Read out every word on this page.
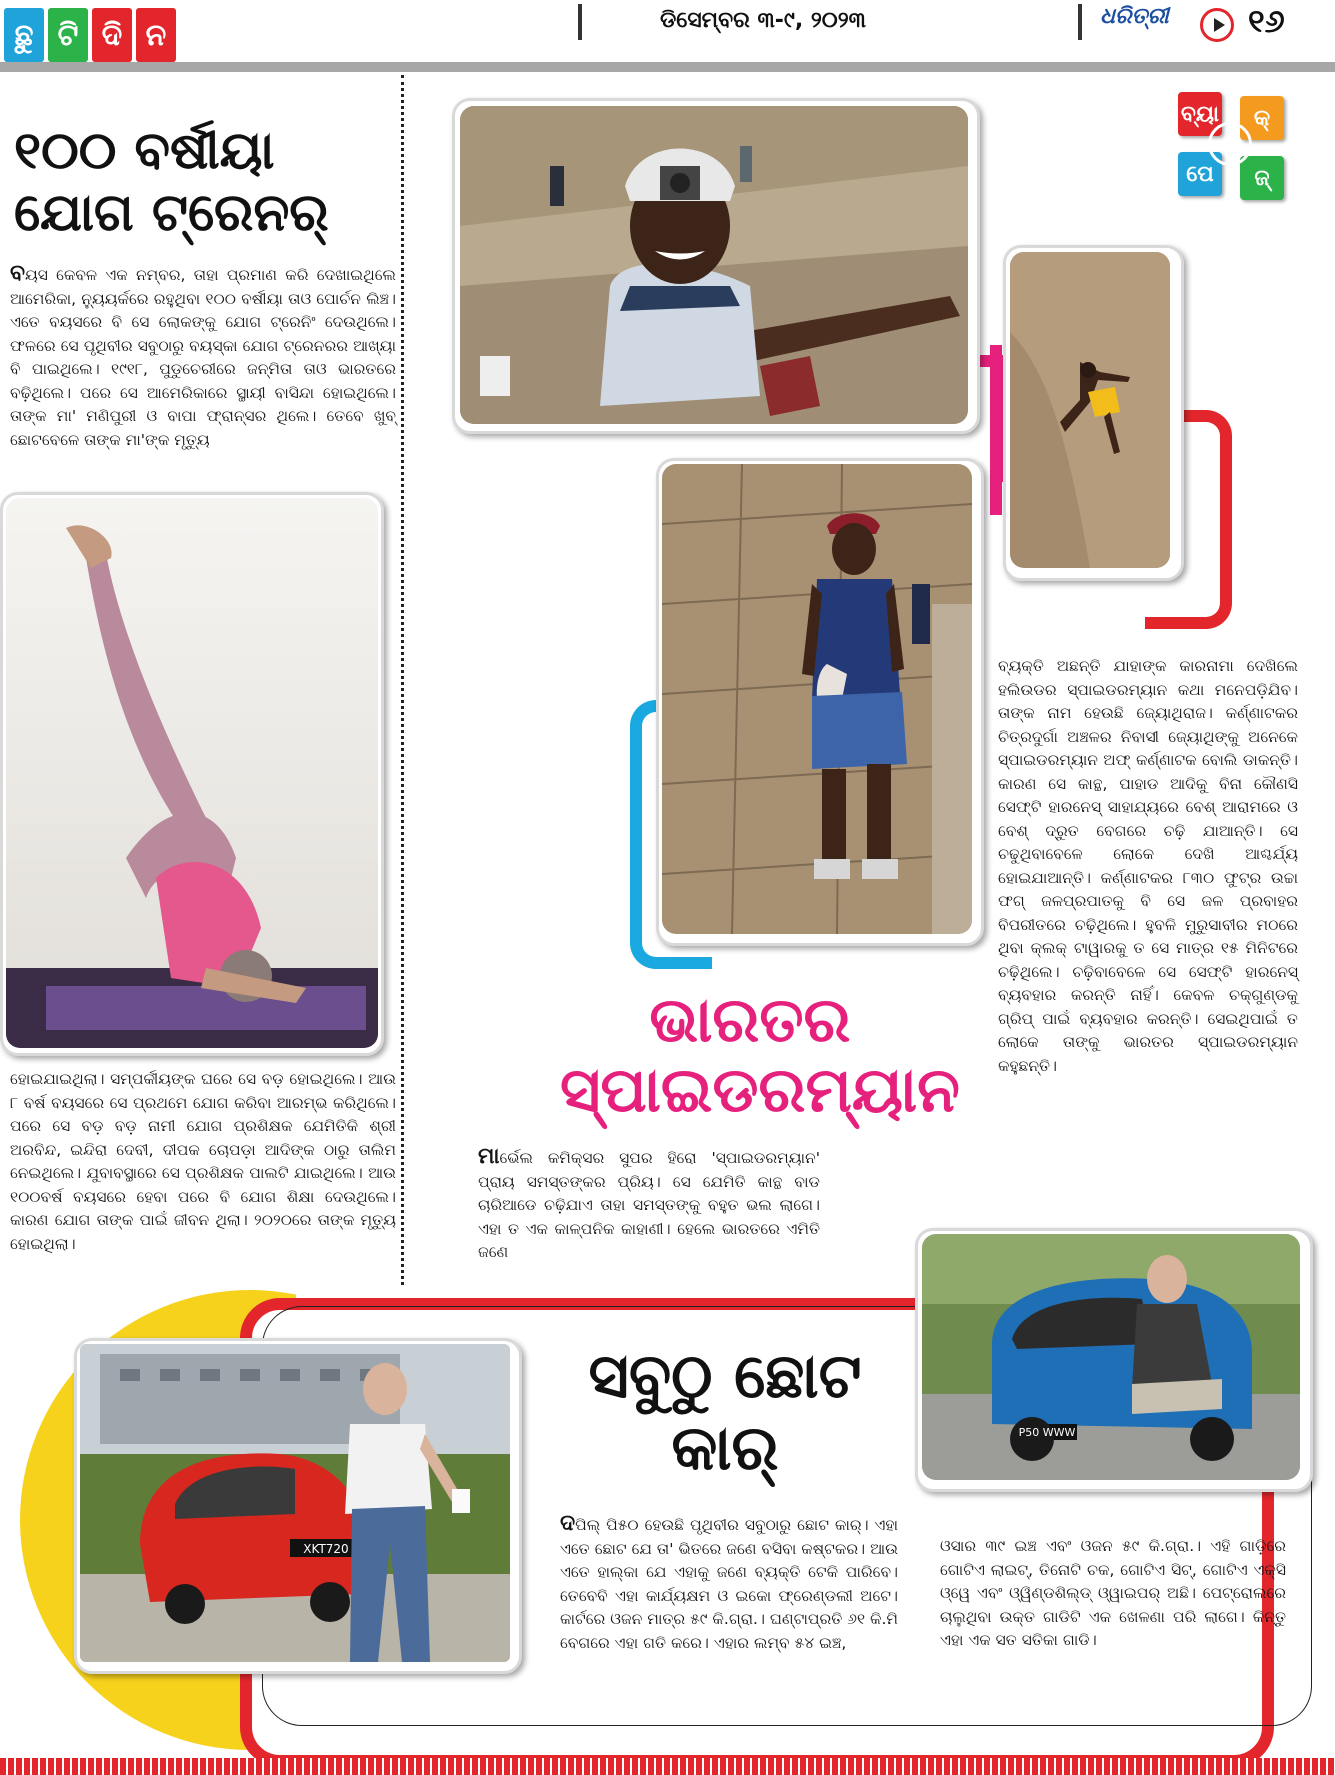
ଛୁ ଟି ଦି ନ	ଡିସେମ୍ବର ୩-୯, ୨୦୨୩	ଧରିତ୍ରୀ ୧୬
ବ୍ୟା	କ୍
ପେ	ଜ୍
୧୦୦ ବର୍ଷୀୟା
ଯୋଗ ଟ୍ରେନର୍
ବୟସ କେବଳ ଏକ ନମ୍ବର, ତାହା ପ୍ରମାଣ କରି ଦେଖାଇଥିଲେ ଆମେରିକା, ନ୍ୟୁୟର୍କରେ ରହୁଥିବା ୧୦୦ ବର୍ଷୀୟା ତାଓ ପୋର୍ଚନ ଲିଞ୍ଚ। ଏତେ ବୟସରେ ବି ସେ ଲୋକଙ୍କୁ ଯୋଗ ଟ୍ରେନିଂ ଦେଉଥିଲେ। ଫଳରେ ସେ ପୃଥିବୀର ସବୁଠାରୁ ବୟସ୍କା ଯୋଗ ଟ୍ରେନରର ଆଖ୍ୟା ବି ପାଇଥିଲେ। ୧୯୧୮, ପୁଡୁଚେରୀରେ ଜନ୍ମିତା ତାଓ ଭାରତରେ ବଢ଼ିଥିଲେ। ପରେ ସେ ଆମେରିକାରେ ସ୍ଥାୟୀ ବାସିନ୍ଦା ହୋଇଥିଲେ। ତାଙ୍କ ମା' ମଣିପୁରୀ ଓ ବାପା ଫ୍ରାନ୍ସର ଥିଲେ। ତେବେ ଖୁବ୍ ଛୋଟବେଳେ ତାଙ୍କ ମା'ଙ୍କ ମୃତ୍ୟୁ
ହୋଇଯାଇଥିଲା। ସମ୍ପର୍କୀୟଙ୍କ ଘରେ ସେ ବଡ଼ ହୋଇଥିଲେ। ଆଉ ୮ ବର୍ଷ ବୟସରେ ସେ ପ୍ରଥମେ ଯୋଗ କରିବା ଆରମ୍ଭ କରିଥିଲେ। ପରେ ସେ ବଡ଼ ବଡ଼ ନାମୀ ଯୋଗ ପ୍ରଶିକ୍ଷକ ଯେମିତିକି ଶ୍ରୀ ଅରବିନ୍ଦ, ଇନ୍ଦିରା ଦେବୀ, ଦୀପକ ଚୋପଡ଼ା ଆଦିଙ୍କ ଠାରୁ ତାଲିମ ନେଇଥିଲେ। ଯୁବାବସ୍ଥାରେ ସେ ପ୍ରଶିକ୍ଷକ ପାଲଟି ଯାଇଥିଲେ। ଆଉ ୧୦୦ବର୍ଷ ବୟସରେ ହେବା ପରେ ବି ଯୋଗ ଶିକ୍ଷା ଦେଉଥିଲେ। କାରଣ ଯୋଗ ତାଙ୍କ ପାଇଁ ଜୀବନ ଥିଲା। ୨୦୨୦ରେ ତାଙ୍କ ମୃତ୍ୟୁ ହୋଇଥିଲା।
ଭାରତର
ସ୍ପାଇଡରମ୍ୟାନ
ବ୍ୟକ୍ତି ଅଛନ୍ତି ଯାହାଙ୍କ କାରନାମା ଦେଖିଲେ ହଲିଉଡର ସ୍ପାଇଡରମ୍ୟାନ କଥା ମନେପଡ଼ିଯିବ। ତାଙ୍କ ନାମ ହେଉଛି ଜ୍ୟୋଥିରାଜ। କର୍ଣ୍ଣାଟକର ଚିତ୍ରଦୁର୍ଗା ଅଞ୍ଚଳର ନିବାସୀ ଜ୍ୟୋଥିଙ୍କୁ ଅନେକେ ସ୍ପାଇଡରମ୍ୟାନ ଅଫ୍ କର୍ଣ୍ଣାଟକ ବୋଲି ଡାକନ୍ତି। କାରଣ ସେ କାନ୍ଥ, ପାହାଡ ଆଦିକୁ ବିନା କୌଣସି ସେଫ୍ଟି ହାରନେସ୍ ସାହାଯ୍ୟରେ ବେଶ୍ ଆରାମରେ ଓ ବେଶ୍ ଦ୍ରୁତ ବେଗରେ ଚଢ଼ି ଯାଆନ୍ତି। ସେ ଚଢୁଥିବାବେଳେ ଲୋକେ ଦେଖି ଆଶ୍ଚର୍ଯ୍ୟ ହୋଇଯାଆନ୍ତି। କର୍ଣ୍ଣାଟକର ୮୩୦ ଫୁଟ୍ର ଉଚ୍ଚା ଫଗ୍ ଜଳପ୍ରପାତକୁ ବି ସେ ଜଳ ପ୍ରବାହର ବିପରୀତରେ ଚଢ଼ିଥିଲେ। ହୁବଳି ମୁରୁସାବୀର ମଠରେ ଥିବା କ୍ଲକ୍ ଟାୱାରକୁ ତ ସେ ମାତ୍ର ୧୫ ମିନିଟରେ ଚଢ଼ିଥିଲେ। ଚଢ଼ିବାବେଳେ ସେ ସେଫ୍ଟି ହାରନେସ୍ ବ୍ୟବହାର କରନ୍ତି ନାହିଁ। କେବଳ ଚକ୍‌ଗୁଣ୍ଡକୁ ଗ୍ରିପ୍ ପାଇଁ ବ୍ୟବହାର କରନ୍ତି। ସେଇଥିପାଇଁ ତ ଲୋକେ ତାଙ୍କୁ ଭାରତର ସ୍ପାଇଡରମ୍ୟାନ କହୁଛନ୍ତି।
ମାର୍ଭେଲ କମିକ୍ସର ସୁପର ହିରୋ 'ସ୍ପାଇଡରମ୍ୟାନ' ପ୍ରାୟ ସମସ୍ତଙ୍କର ପ୍ରିୟ। ସେ ଯେମିତି କାନ୍ଥ ବାଡ ଚାରିଆଡେ ଚଢ଼ିଯାଏ ତାହା ସମସ୍ତଙ୍କୁ ବହୁତ ଭଲ ଲାଗେ। ଏହା ତ ଏକ କାଳ୍ପନିକ କାହାଣୀ। ହେଲେ ଭାରତରେ ଏମିତି ଜଣେ
XKT720
ସବୁଠୁ ଛୋଟ
କାର୍	P50 WWW
ଦପିଲ୍ ପି୫୦ ହେଉଛି ପୃଥିବୀର ସବୁଠାରୁ ଛୋଟ କାର୍। ଏହା ଏତେ ଛୋଟ ଯେ ତା' ଭିତରେ ଜଣେ ବସିବା କଷ୍ଟକର। ଆଉ ଏତେ ହାଲ୍କା ଯେ ଏହାକୁ ଜଣେ ବ୍ୟକ୍ତି ଟେକି ପାରିବେ। ତେବେବି ଏହା କାର୍ଯ୍ୟକ୍ଷମ ଓ ଇକୋ ଫ୍ରେଣ୍ଡଲୀ ଅଟେ। କାର୍ଟରେ ଓଜନ ମାତ୍ର ୫୯ କି.ଗ୍ରା.। ଘଣ୍ଟାପ୍ରତି ୬୧ କି.ମି ବେଗରେ ଏହା ଗତି କରେ। ଏହାର ଲମ୍ବ ୫୪ ଇଞ୍ଚ,
ଓସାର ୩୯ ଇଞ୍ଚ ଏବଂ ଓଜନ ୫୯ କି.ଗ୍ରା.। ଏହି ଗାଡ଼ିରେ ଗୋଟିଏ ଲାଇଟ୍, ତିନୋଟି ଚକ, ଗୋଟିଏ ସିଟ୍, ଗୋଟିଏ ଏକ୍ସି ଓ୍ୱେ ଏବଂ ଓ୍ୱିଣ୍ଡଶିଲ୍ଡ୍ ଓ୍ୱାଇପର୍ ଅଛି। ପେଟ୍ରୋଲରେ ଚାଲୁଥିବା ଉକ୍ତ ଗାଡିଟି ଏକ ଖେଳଣା ପରି ଲାଗେ। କିନ୍ତୁ ଏହା ଏକ ସତ ସତିକା ଗାଡି।
